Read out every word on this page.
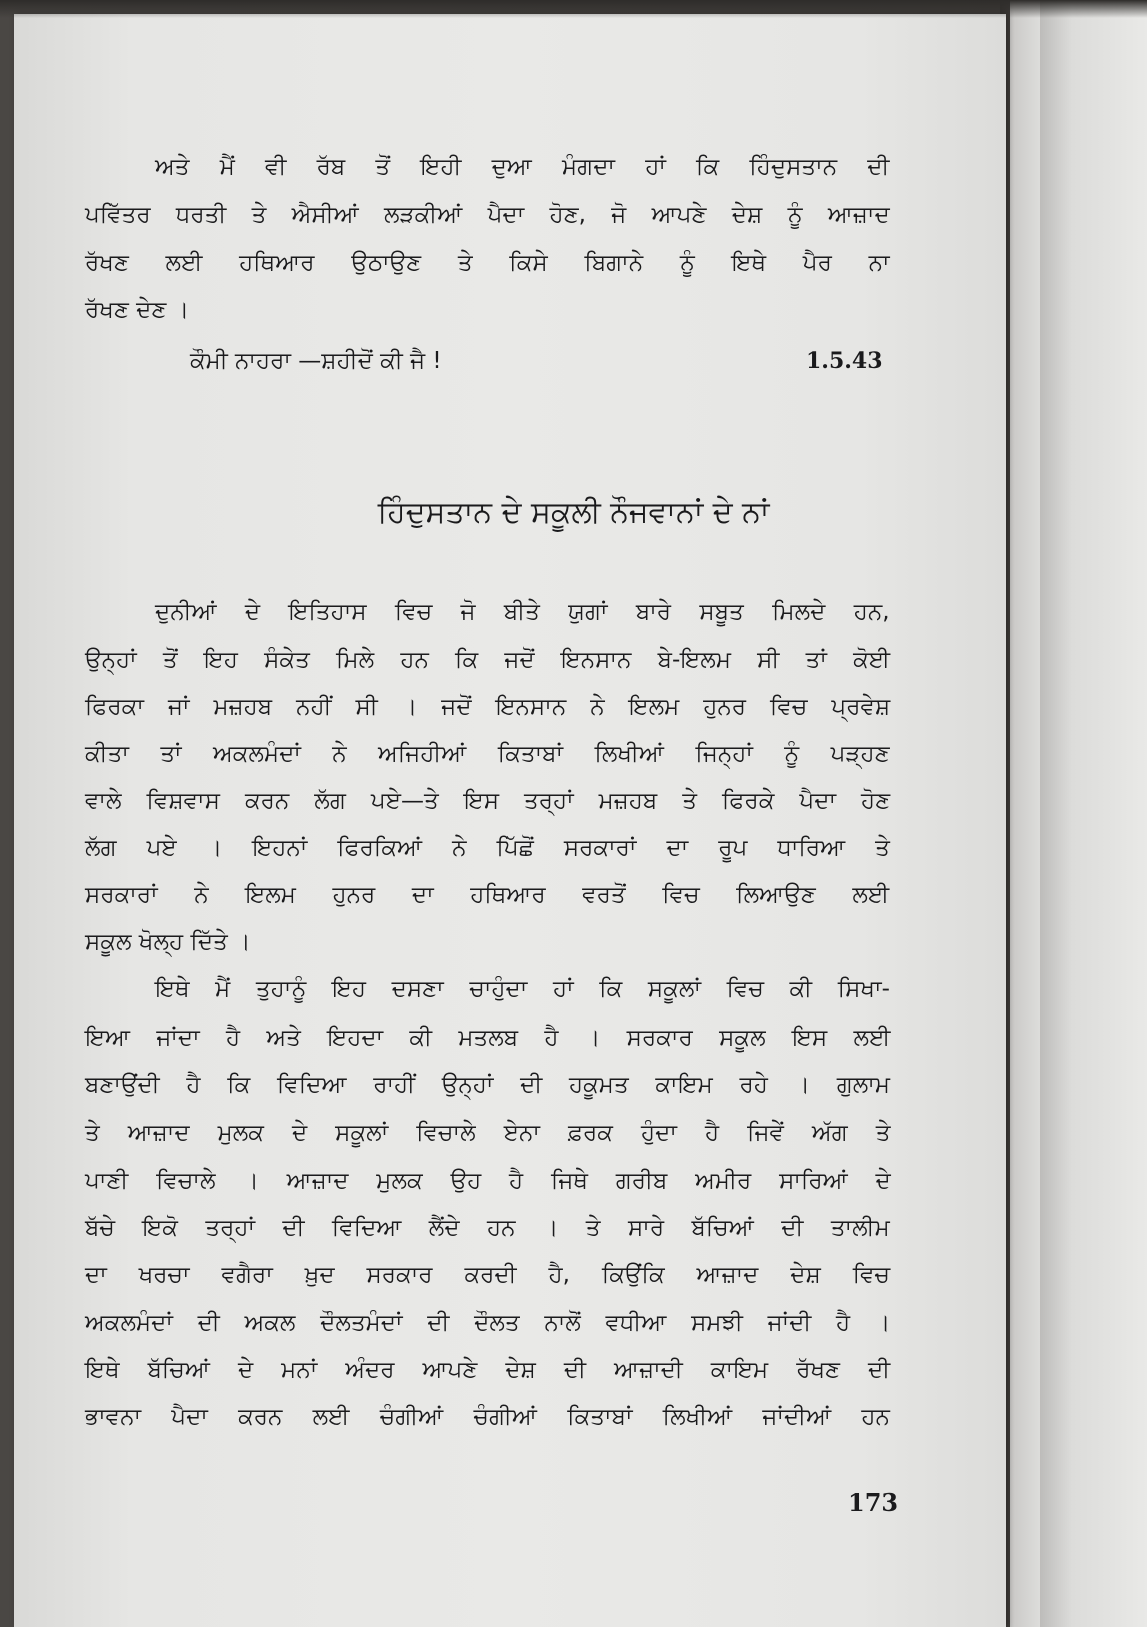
ਅਤੇ ਮੈਂ ਵੀ ਰੱਬ ਤੋਂ ਇਹੀ ਦੁਆ ਮੰਗਦਾ ਹਾਂ ਕਿ ਹਿੰਦੁਸਤਾਨ ਦੀ
ਪਵਿੱਤਰ ਧਰਤੀ ਤੇ ਐਸੀਆਂ ਲੜਕੀਆਂ ਪੈਦਾ ਹੋਣ, ਜੋ ਆਪਣੇ ਦੇਸ਼ ਨੂੰ ਆਜ਼ਾਦ
ਰੱਖਣ ਲਈ ਹਥਿਆਰ ਉਠਾਉਣ ਤੇ ਕਿਸੇ ਬਿਗਾਨੇ ਨੂੰ ਇਥੇ ਪੈਰ ਨਾ
ਰੱਖਣ ਦੇਣ ।
ਕੌਮੀ ਨਾਹਰਾ —ਸ਼ਹੀਦੋਂ ਕੀ ਜੈ !	1.5.43
ਹਿੰਦੁਸਤਾਨ ਦੇ ਸਕੂਲੀ ਨੌਜਵਾਨਾਂ ਦੇ ਨਾਂ
ਦੁਨੀਆਂ ਦੇ ਇਤਿਹਾਸ ਵਿਚ ਜੋ ਬੀਤੇ ਯੁਗਾਂ ਬਾਰੇ ਸਬੂਤ ਮਿਲਦੇ ਹਨ,
ਉਨ੍ਹਾਂ ਤੋਂ ਇਹ ਸੰਕੇਤ ਮਿਲੇ ਹਨ ਕਿ ਜਦੋਂ ਇਨਸਾਨ ਬੇ-ਇਲਮ ਸੀ ਤਾਂ ਕੋਈ
ਫਿਰਕਾ ਜਾਂ ਮਜ਼ਹਬ ਨਹੀਂ ਸੀ । ਜਦੋਂ ਇਨਸਾਨ ਨੇ ਇਲਮ ਹੁਨਰ ਵਿਚ ਪ੍ਰਵੇਸ਼
ਕੀਤਾ ਤਾਂ ਅਕਲਮੰਦਾਂ ਨੇ ਅਜਿਹੀਆਂ ਕਿਤਾਬਾਂ ਲਿਖੀਆਂ ਜਿਨ੍ਹਾਂ ਨੂੰ ਪੜ੍ਹਣ
ਵਾਲੇ ਵਿਸ਼ਵਾਸ ਕਰਨ ਲੱਗ ਪਏ—ਤੇ ਇਸ ਤਰ੍ਹਾਂ ਮਜ਼ਹਬ ਤੇ ਫਿਰਕੇ ਪੈਦਾ ਹੋਣ
ਲੱਗ ਪਏ । ਇਹਨਾਂ ਫਿਰਕਿਆਂ ਨੇ ਪਿੱਛੋਂ ਸਰਕਾਰਾਂ ਦਾ ਰੂਪ ਧਾਰਿਆ ਤੇ
ਸਰਕਾਰਾਂ ਨੇ ਇਲਮ ਹੁਨਰ ਦਾ ਹਥਿਆਰ ਵਰਤੋਂ ਵਿਚ ਲਿਆਉਣ ਲਈ
ਸਕੂਲ ਖੋਲ੍ਹ ਦਿੱਤੇ ।
ਇਥੇ ਮੈਂ ਤੁਹਾਨੂੰ ਇਹ ਦਸਣਾ ਚਾਹੁੰਦਾ ਹਾਂ ਕਿ ਸਕੂਲਾਂ ਵਿਚ ਕੀ ਸਿਖਾ-
ਇਆ ਜਾਂਦਾ ਹੈ ਅਤੇ ਇਹਦਾ ਕੀ ਮਤਲਬ ਹੈ । ਸਰਕਾਰ ਸਕੂਲ ਇਸ ਲਈ
ਬਣਾਉਂਦੀ ਹੈ ਕਿ ਵਿਦਿਆ ਰਾਹੀਂ ਉਨ੍ਹਾਂ ਦੀ ਹਕੂਮਤ ਕਾਇਮ ਰਹੇ । ਗੁਲਾਮ
ਤੇ ਆਜ਼ਾਦ ਮੁਲਕ ਦੇ ਸਕੂਲਾਂ ਵਿਚਾਲੇ ਏਨਾ ਫ਼ਰਕ ਹੁੰਦਾ ਹੈ ਜਿਵੇਂ ਅੱਗ ਤੇ
ਪਾਣੀ ਵਿਚਾਲੇ । ਆਜ਼ਾਦ ਮੁਲਕ ਉਹ ਹੈ ਜਿਥੇ ਗਰੀਬ ਅਮੀਰ ਸਾਰਿਆਂ ਦੇ
ਬੱਚੇ ਇਕੋ ਤਰ੍ਹਾਂ ਦੀ ਵਿਦਿਆ ਲੈਂਦੇ ਹਨ । ਤੇ ਸਾਰੇ ਬੱਚਿਆਂ ਦੀ ਤਾਲੀਮ
ਦਾ ਖਰਚਾ ਵਗੈਰਾ ਖ਼ੁਦ ਸਰਕਾਰ ਕਰਦੀ ਹੈ, ਕਿਉਂਕਿ ਆਜ਼ਾਦ ਦੇਸ਼ ਵਿਚ
ਅਕਲਮੰਦਾਂ ਦੀ ਅਕਲ ਦੌਲਤਮੰਦਾਂ ਦੀ ਦੌਲਤ ਨਾਲੋਂ ਵਧੀਆ ਸਮਝੀ ਜਾਂਦੀ ਹੈ ।
ਇਥੇ ਬੱਚਿਆਂ ਦੇ ਮਨਾਂ ਅੰਦਰ ਆਪਣੇ ਦੇਸ਼ ਦੀ ਆਜ਼ਾਦੀ ਕਾਇਮ ਰੱਖਣ ਦੀ
ਭਾਵਨਾ ਪੈਦਾ ਕਰਨ ਲਈ ਚੰਗੀਆਂ ਚੰਗੀਆਂ ਕਿਤਾਬਾਂ ਲਿਖੀਆਂ ਜਾਂਦੀਆਂ ਹਨ
173
